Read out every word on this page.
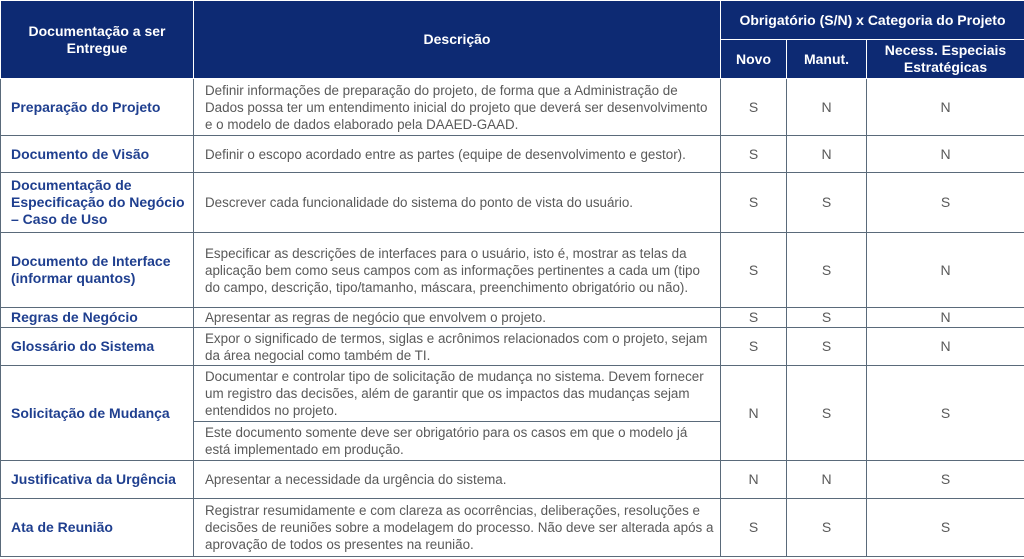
Documentação a ser Entregue	Descrição	Obrigatório (S/N) x Categoria do Projeto		
		Novo	Manut.	Necess. Especiais Estratégicas
Preparação do Projeto	Definir informações de preparação do projeto, de forma que a Administração de Dados possa ter um entendimento inicial do projeto que deverá ser desenvolvimento e o modelo de dados elaborado pela DAAED-GAAD.	S	N	N
Documento de Visão	Definir o escopo acordado entre as partes (equipe de desenvolvimento e gestor).	S	N	N
Documentação de Especificação do Negócio – Caso de Uso	Descrever cada funcionalidade do sistema do ponto de vista do usuário.	S	S	S
Documento de Interface (informar quantos)	Especificar as descrições de interfaces para o usuário, isto é, mostrar as telas da aplicação bem como seus campos com as informações pertinentes a cada um (tipo do campo, descrição, tipo/tamanho, máscara, preenchimento obrigatório ou não).	S	S	N
Regras de Negócio	Apresentar as regras de negócio que envolvem o projeto.	S	S	N
Glossário do Sistema	Expor o significado de termos, siglas e acrônimos relacionados com o projeto, sejam da área negocial como também de TI.	S	S	N
Solicitação de Mudança	Documentar e controlar tipo de solicitação de mudança no sistema. Devem fornecer um registro das decisões, além de garantir que os impactos das mudanças sejam entendidos no projeto.	N	S	S
	Este documento somente deve ser obrigatório para os casos em que o modelo já está implementado em produção.			
Justificativa da Urgência	Apresentar a necessidade da urgência do sistema.	N	N	S
Ata de Reunião	Registrar resumidamente e com clareza as ocorrências, deliberações, resoluções e decisões de reuniões sobre a modelagem do processo. Não deve ser alterada após a aprovação de todos os presentes na reunião.	S	S	S
